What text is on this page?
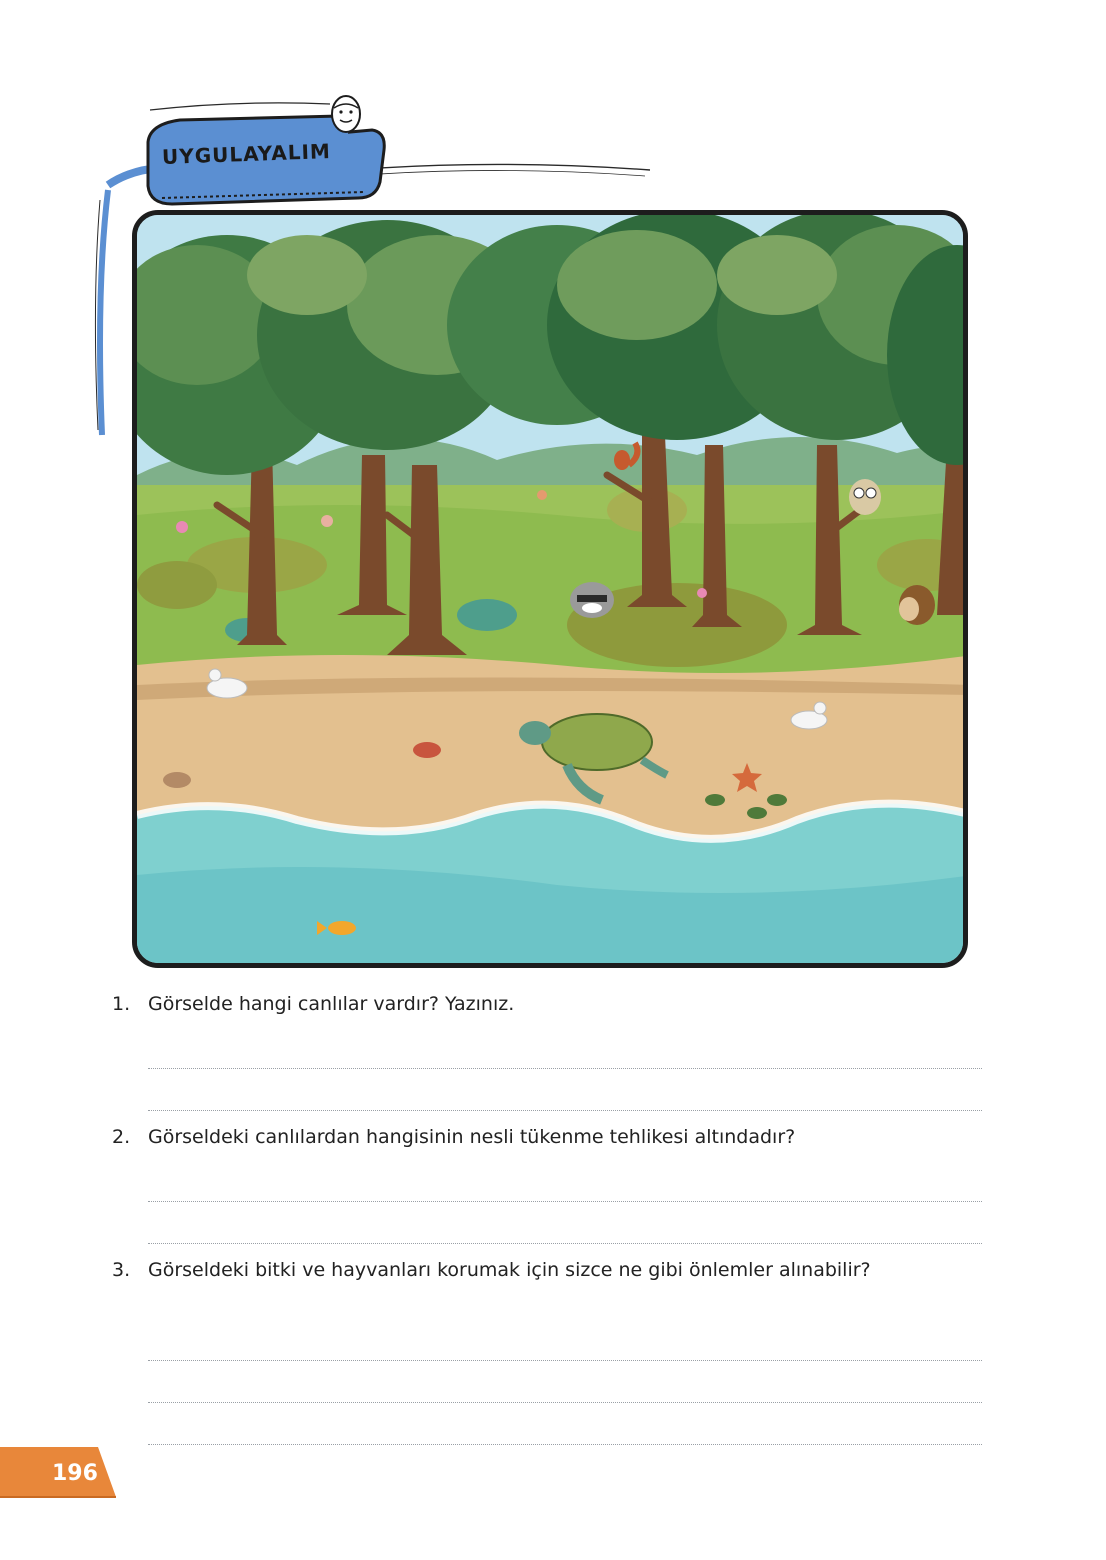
UYGULAYALIM
1. Görselde hangi canlılar vardır? Yazınız.
2. Görseldeki canlılardan hangisinin nesli tükenme tehlikesi altındadır?
3. Görseldeki bitki ve hayvanları korumak için sizce ne gibi önlemler alınabilir?
196
